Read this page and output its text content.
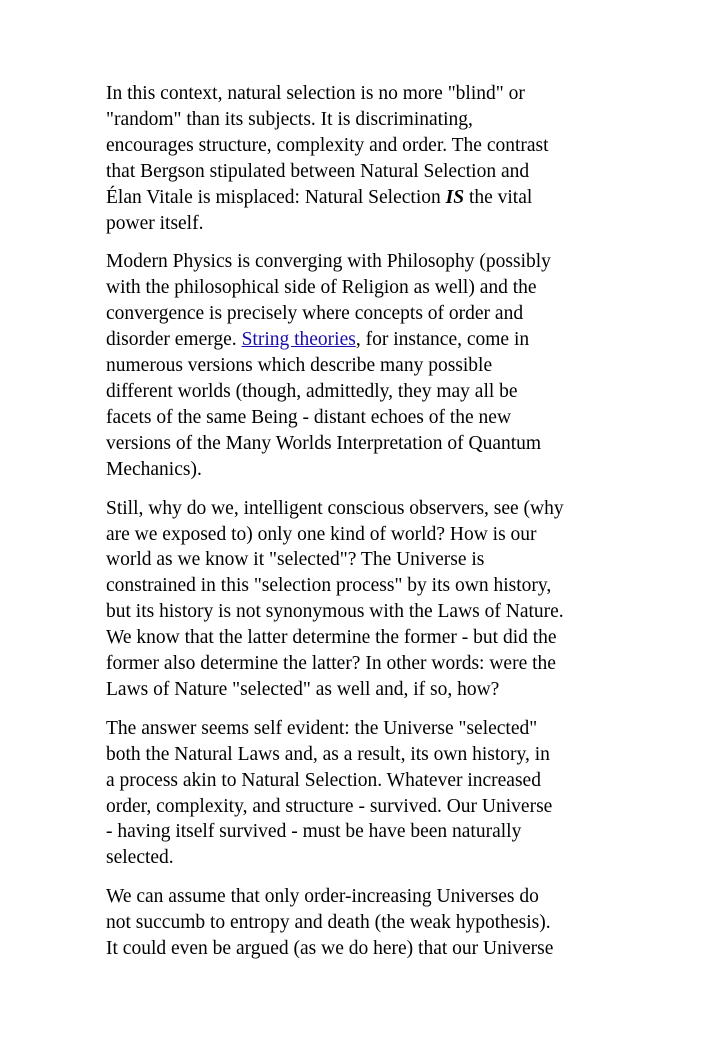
In this context, natural selection is no more "blind" or
"random" than its subjects. It is discriminating,
encourages structure, complexity and order. The contrast
that Bergson stipulated between Natural Selection and
Élan Vitale is misplaced: Natural Selection IS the vital
power itself.

Modern Physics is converging with Philosophy (possibly
with the philosophical side of Religion as well) and the
convergence is precisely where concepts of order and
disorder emerge. String theories, for instance, come in
numerous versions which describe many possible
different worlds (though, admittedly, they may all be
facets of the same Being - distant echoes of the new
versions of the Many Worlds Interpretation of Quantum
Mechanics).

Still, why do we, intelligent conscious observers, see (why
are we exposed to) only one kind of world? How is our
world as we know it "selected"? The Universe is
constrained in this "selection process" by its own history,
but its history is not synonymous with the Laws of Nature.
We know that the latter determine the former - but did the
former also determine the latter? In other words: were the
Laws of Nature "selected" as well and, if so, how?

The answer seems self evident: the Universe "selected"
both the Natural Laws and, as a result, its own history, in
a process akin to Natural Selection. Whatever increased
order, complexity, and structure - survived. Our Universe
- having itself survived - must be have been naturally
selected.

We can assume that only order-increasing Universes do
not succumb to entropy and death (the weak hypothesis).
It could even be argued (as we do here) that our Universe
